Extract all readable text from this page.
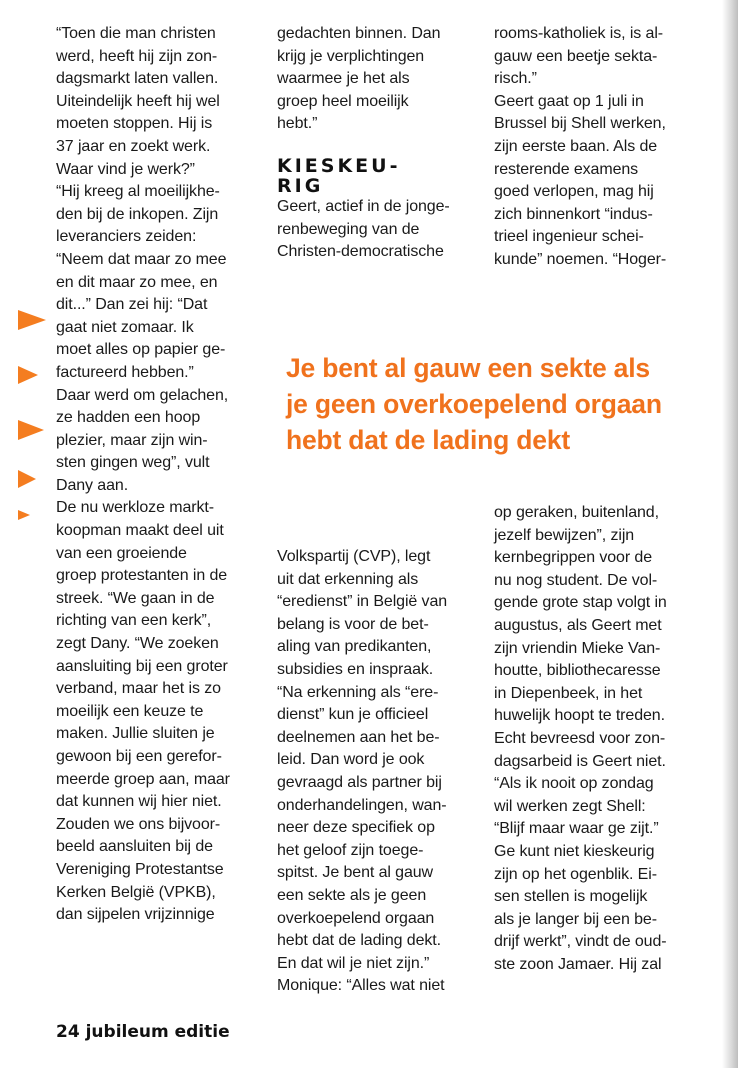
“Toen die man christen

werd, heeft hij zijn zon-

dagsmarkt laten vallen.

Uiteindelijk heeft hij wel

moeten stoppen. Hij is

37 jaar en zoekt werk.

Waar vind je werk?”

“Hij kreeg al moeilijkhe-

den bij de inkopen. Zijn

leveranciers zeiden:

“Neem dat maar zo mee

en dit maar zo mee, en

dit...” Dan zei hij: “Dat

gaat niet zomaar. Ik

moet alles op papier ge-

factureerd hebben.”

Daar werd om gelachen,

ze hadden een hoop

plezier, maar zijn win-

sten gingen weg”, vult

Dany aan.

De nu werkloze markt-

koopman maakt deel uit

van een groeiende

groep protestanten in de

streek. “We gaan in de

richting van een kerk”,

zegt Dany. “We zoeken

aansluiting bij een groter

verband, maar het is zo

moeilijk een keuze te

maken. Jullie sluiten je

gewoon bij een gerefor-

meerde groep aan, maar

dat kunnen wij hier niet.

Zouden we ons bijvoor-

beeld aansluiten bij de

Vereniging Protestantse

Kerken België (VPKB),

dan sijpelen vrijzinnige

gedachten binnen. Dan

krijg je verplichtingen

waarmee je het als

groep heel moeilijk

hebt.”

KIESKEU-
RIG

Geert, actief in de jonge-

renbeweging van de

Christen-democratische

rooms-katholiek is, is al-

gauw een beetje sekta-

risch.”

Geert gaat op 1 juli in

Brussel bij Shell werken,

zijn eerste baan. Als de

resterende examens

goed verlopen, mag hij

zich binnenkort “indus-

trieel ingenieur schei-

kunde” noemen. “Hoger-

Je bent al gauw een sekte als
je geen overkoepelend orgaan
hebt dat de lading dekt

Volkspartij (CVP), legt

uit dat erkenning als

“eredienst” in België van

belang is voor de bet-

aling van predikanten,

subsidies en inspraak.

“Na erkenning als “ere-

dienst” kun je officieel

deelnemen aan het be-

leid. Dan word je ook

gevraagd als partner bij

onderhandelingen, wan-

neer deze specifiek op

het geloof zijn toege-

spitst. Je bent al gauw

een sekte als je geen

overkoepelend orgaan

hebt dat de lading dekt.

En dat wil je niet zijn.”

Monique: “Alles wat niet

op geraken, buitenland,

jezelf bewijzen”, zijn

kernbegrippen voor de

nu nog student. De vol-

gende grote stap volgt in

augustus, als Geert met

zijn vriendin Mieke Van-

houtte, bibliothecaresse

in Diepenbeek, in het

huwelijk hoopt te treden.

Echt bevreesd voor zon-

dagsarbeid is Geert niet.

“Als ik nooit op zondag

wil werken zegt Shell:

“Blijf maar waar ge zijt.”

Ge kunt niet kieskeurig

zijn op het ogenblik. Ei-

sen stellen is mogelijk

als je langer bij een be-

drijf werkt”, vindt de oud-

ste zoon Jamaer. Hij zal

24 jubileum editie
